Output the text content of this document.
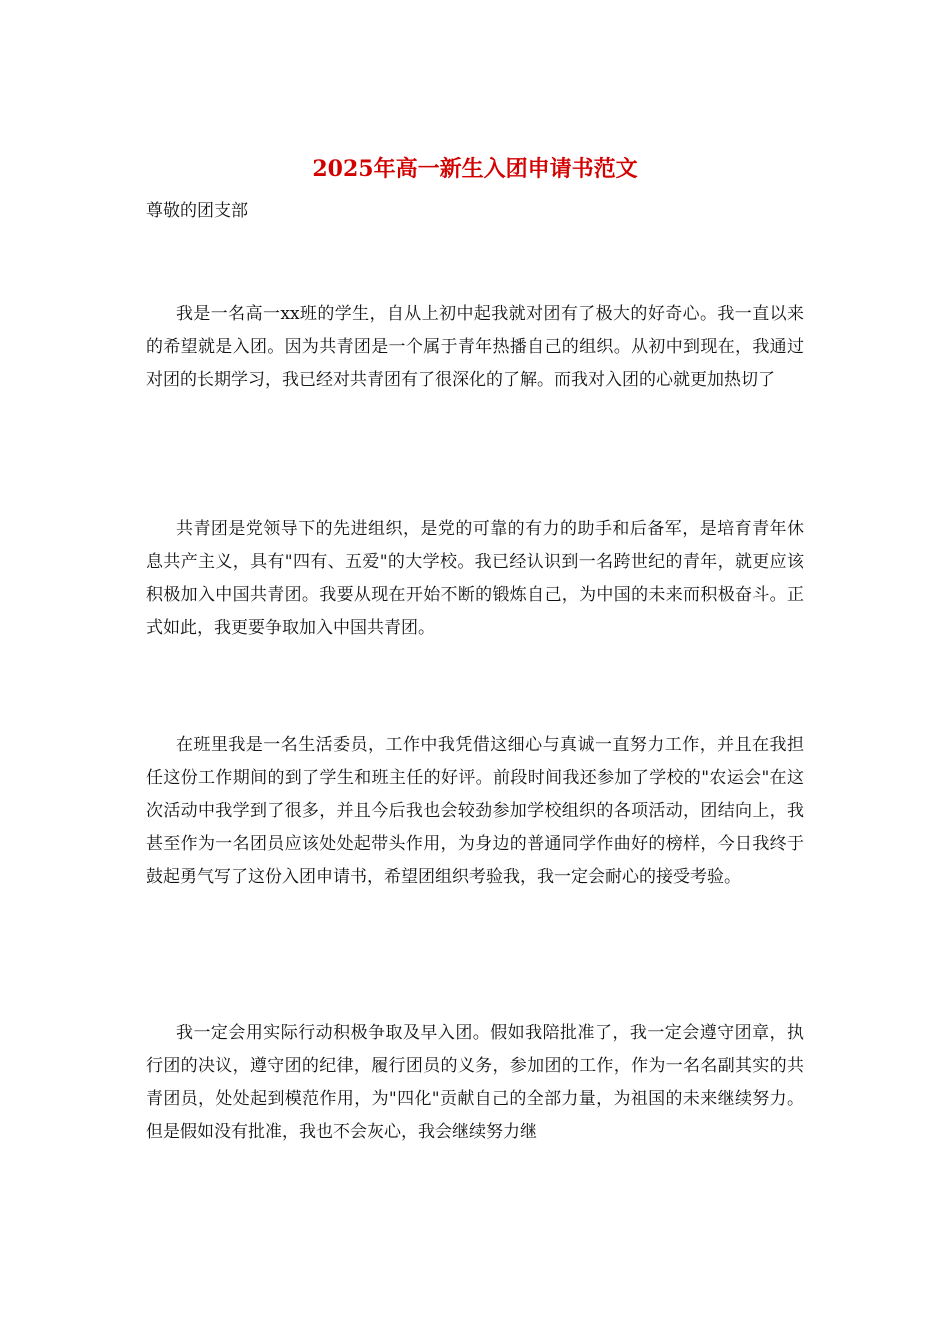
2025年高一新生入团申请书范文

尊敬的团支部

我是一名高一xx班的学生，自从上初中起我就对团有了极大的好奇心。我一直以来的希望就是入团。因为共青团是一个属于青年热播自己的组织。从初中到现在，我通过对团的长期学习，我已经对共青团有了很深化的了解。而我对入团的心就更加热切了

共青团是党领导下的先进组织，是党的可靠的有力的助手和后备军，是培育青年休息共产主义，具有"四有、五爱"的大学校。我已经认识到一名跨世纪的青年，就更应该积极加入中国共青团。我要从现在开始不断的锻炼自己，为中国的未来而积极奋斗。正式如此，我更要争取加入中国共青团。

在班里我是一名生活委员，工作中我凭借这细心与真诚一直努力工作，并且在我担任这份工作期间的到了学生和班主任的好评。前段时间我还参加了学校的"农运会"在这次活动中我学到了很多，并且今后我也会较劲参加学校组织的各项活动，团结向上，我甚至作为一名团员应该处处起带头作用，为身边的普通同学作曲好的榜样，今日我终于鼓起勇气写了这份入团申请书，希望团组织考验我，我一定会耐心的接受考验。

我一定会用实际行动积极争取及早入团。假如我陪批准了，我一定会遵守团章，执行团的决议，遵守团的纪律，履行团员的义务，参加团的工作，作为一名名副其实的共青团员，处处起到模范作用，为"四化"贡献自己的全部力量，为祖国的未来继续努力。但是假如没有批准，我也不会灰心，我会继续努力继
